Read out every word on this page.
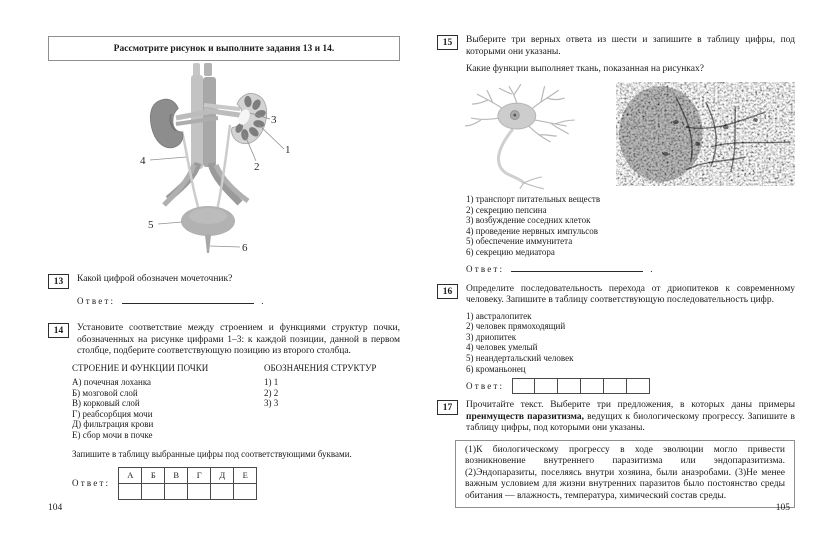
Рассмотрите рисунок и выполните задания 13 и 14.
3
1
2
4
5
6
13	Какой цифрой обозначен мочеточник?
Ответ:	.
14	Установите соответствие между строением и функциями структур почки, обозначенных на рисунке цифрами 1–3: к каждой позиции, данной в первом столбце, подберите соответствующую позицию из второго столбца.
СТРОЕНИЕ И ФУНКЦИИ ПОЧКИ
А) почечная лоханка
Б) мозговой слой
В) корковый слой
Г) реабсорбция мочи
Д) фильтрация крови
Е) сбор мочи в почке
ОБОЗНАЧЕНИЯ СТРУКТУР
1) 1
2) 2
3) 3
Запишите в таблицу выбранные цифры под соответствующими буквами.
Ответ:
А	Б	В	Г	Д	Е

15	Выберите три верных ответа из шести и запишите в таблицу цифры, под которыми они указаны.
Какие функции выполняет ткань, показанная на рисунках?
1) транспорт питательных веществ
2) секрецию пепсина
3) возбуждение соседних клеток
4) проведение нервных импульсов
5) обеспечение иммунитета
6) секрецию медиатора
Ответ:	.
16	Определите последовательность перехода от дриопитеков к современному человеку. Запишите в таблицу соответствующую последовательность цифр.
1) австралопитек
2) человек прямоходящий
3) дриопитек
4) человек умелый
5) неандертальский человек
6) кроманьонец
Ответ:
17	Прочитайте текст. Выберите три предложения, в которых даны примеры преимуществ паразитизма, ведущих к биологическому прогрессу. Запишите в таблицу цифры, под которыми они указаны.
(1)К биологическому прогрессу в ходе эволюции могло привести возникновение внутреннего паразитизма или эндопаразитизма. (2)Эндопаразиты, поселяясь внутри хозяина, были анаэробами. (3)Не менее важным условием для жизни внутренних паразитов было постоянство среды обитания — влажность, температура, химический состав среды.
104	105
